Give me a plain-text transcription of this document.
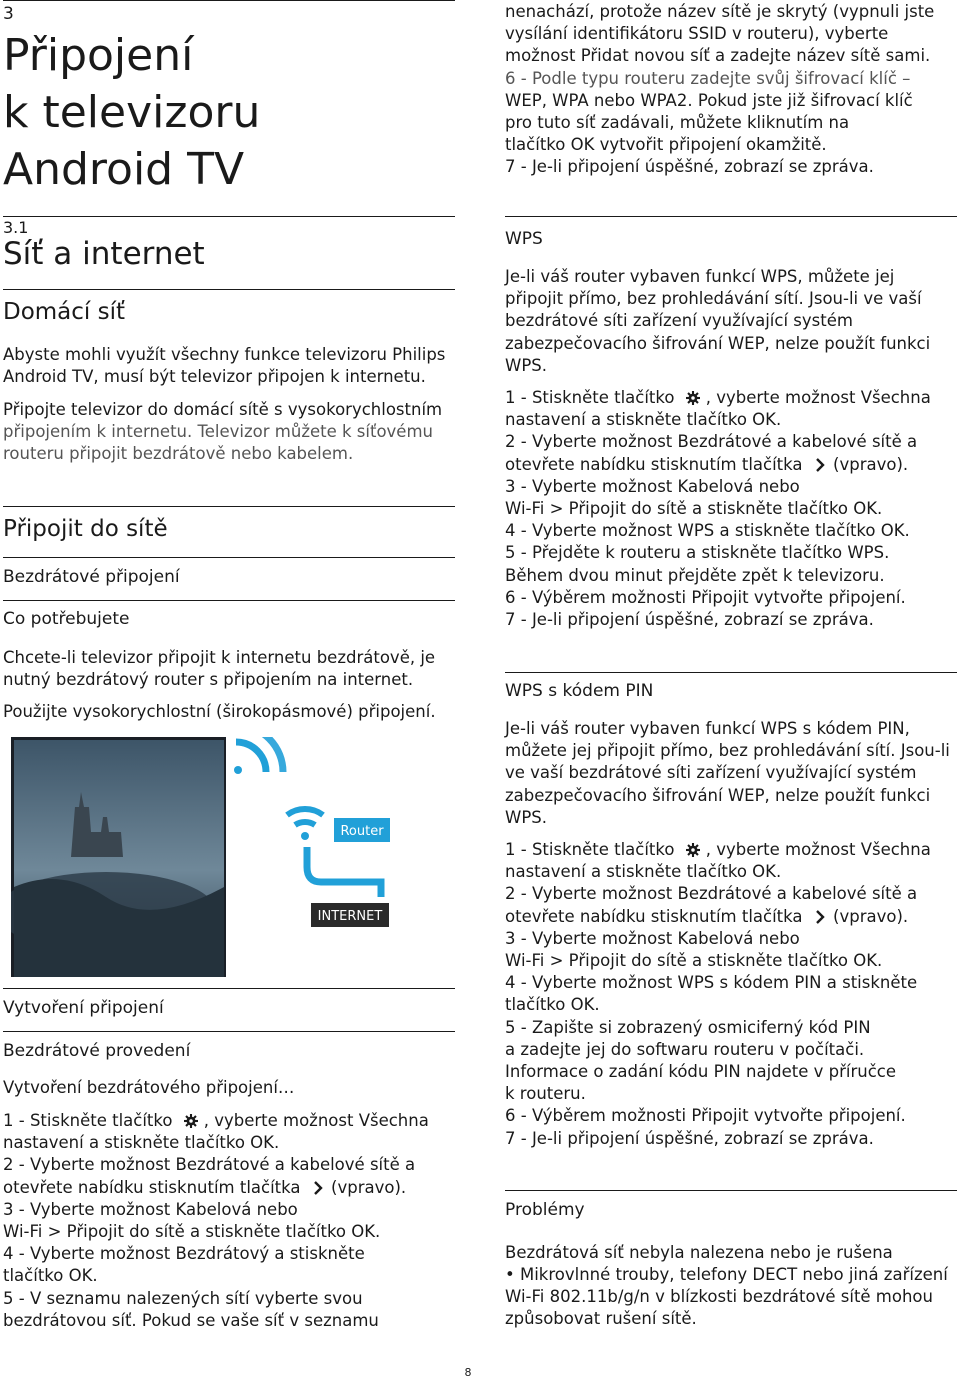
3
Připojení
k televizoru
Android TV
3.1
Síť a internet
Domácí síť
Abyste mohli využít všechny funkce televizoru Philips
Android TV, musí být televizor připojen k internetu.
Připojte televizor do domácí sítě s vysokorychlostním
připojením k internetu. Televizor můžete k síťovému
routeru připojit bezdrátově nebo kabelem.
Připojit do sítě
Bezdrátové připojení
Co potřebujete
Chcete-li televizor připojit k internetu bezdrátově, je
nutný bezdrátový router s připojením na internet.
Použijte vysokorychlostní (širokopásmové) připojení.
Router
INTERNET
Vytvoření připojení
Bezdrátové provedení
Vytvoření bezdrátového připojení…
1 - Stiskněte tlačítko , vyberte možnost Všechna
nastavení a stiskněte tlačítko OK.
2 - Vyberte možnost Bezdrátové a kabelové sítě a
otevřete nabídku stisknutím tlačítka  (vpravo).
3 - Vyberte možnost Kabelová nebo
Wi-Fi > Připojit do sítě a stiskněte tlačítko OK.
4 - Vyberte možnost Bezdrátový a stiskněte
tlačítko OK.
5 - V seznamu nalezených sítí vyberte svou
bezdrátovou síť. Pokud se vaše síť v seznamu
nenachází, protože název sítě je skrytý (vypnuli jste
vysílání identifikátoru SSID v routeru), vyberte
možnost Přidat novou síť a zadejte název sítě sami.
6 - Podle typu routeru zadejte svůj šifrovací klíč –
WEP, WPA nebo WPA2. Pokud jste již šifrovací klíč
pro tuto síť zadávali, můžete kliknutím na
tlačítko OK vytvořit připojení okamžitě.
7 - Je-li připojení úspěšné, zobrazí se zpráva.
WPS
Je-li váš router vybaven funkcí WPS, můžete jej
připojit přímo, bez prohledávání sítí. Jsou-li ve vaší
bezdrátové síti zařízení využívající systém
zabezpečovacího šifrování WEP, nelze použít funkci
WPS.
1 - Stiskněte tlačítko , vyberte možnost Všechna
nastavení a stiskněte tlačítko OK.
2 - Vyberte možnost Bezdrátové a kabelové sítě a
otevřete nabídku stisknutím tlačítka  (vpravo).
3 - Vyberte možnost Kabelová nebo
Wi-Fi > Připojit do sítě a stiskněte tlačítko OK.
4 - Vyberte možnost WPS a stiskněte tlačítko OK.
5 - Přejděte k routeru a stiskněte tlačítko WPS.
Během dvou minut přejděte zpět k televizoru.
6 - Výběrem možnosti Připojit vytvořte připojení.
7 - Je-li připojení úspěšné, zobrazí se zpráva.
WPS s kódem PIN
Je-li váš router vybaven funkcí WPS s kódem PIN,
můžete jej připojit přímo, bez prohledávání sítí. Jsou-li
ve vaší bezdrátové síti zařízení využívající systém
zabezpečovacího šifrování WEP, nelze použít funkci
WPS.
1 - Stiskněte tlačítko , vyberte možnost Všechna
nastavení a stiskněte tlačítko OK.
2 - Vyberte možnost Bezdrátové a kabelové sítě a
otevřete nabídku stisknutím tlačítka  (vpravo).
3 - Vyberte možnost Kabelová nebo
Wi-Fi > Připojit do sítě a stiskněte tlačítko OK.
4 - Vyberte možnost WPS s kódem PIN a stiskněte
tlačítko OK.
5 - Zapište si zobrazený osmiciferný kód PIN
a zadejte jej do softwaru routeru v počítači.
Informace o zadání kódu PIN najdete v příručce
k routeru.
6 - Výběrem možnosti Připojit vytvořte připojení.
7 - Je-li připojení úspěšné, zobrazí se zpráva.
Problémy
Bezdrátová síť nebyla nalezena nebo je rušena
• Mikrovlnné trouby, telefony DECT nebo jiná zařízení
Wi-Fi 802.11b/g/n v blízkosti bezdrátové sítě mohou
způsobovat rušení sítě.
8
